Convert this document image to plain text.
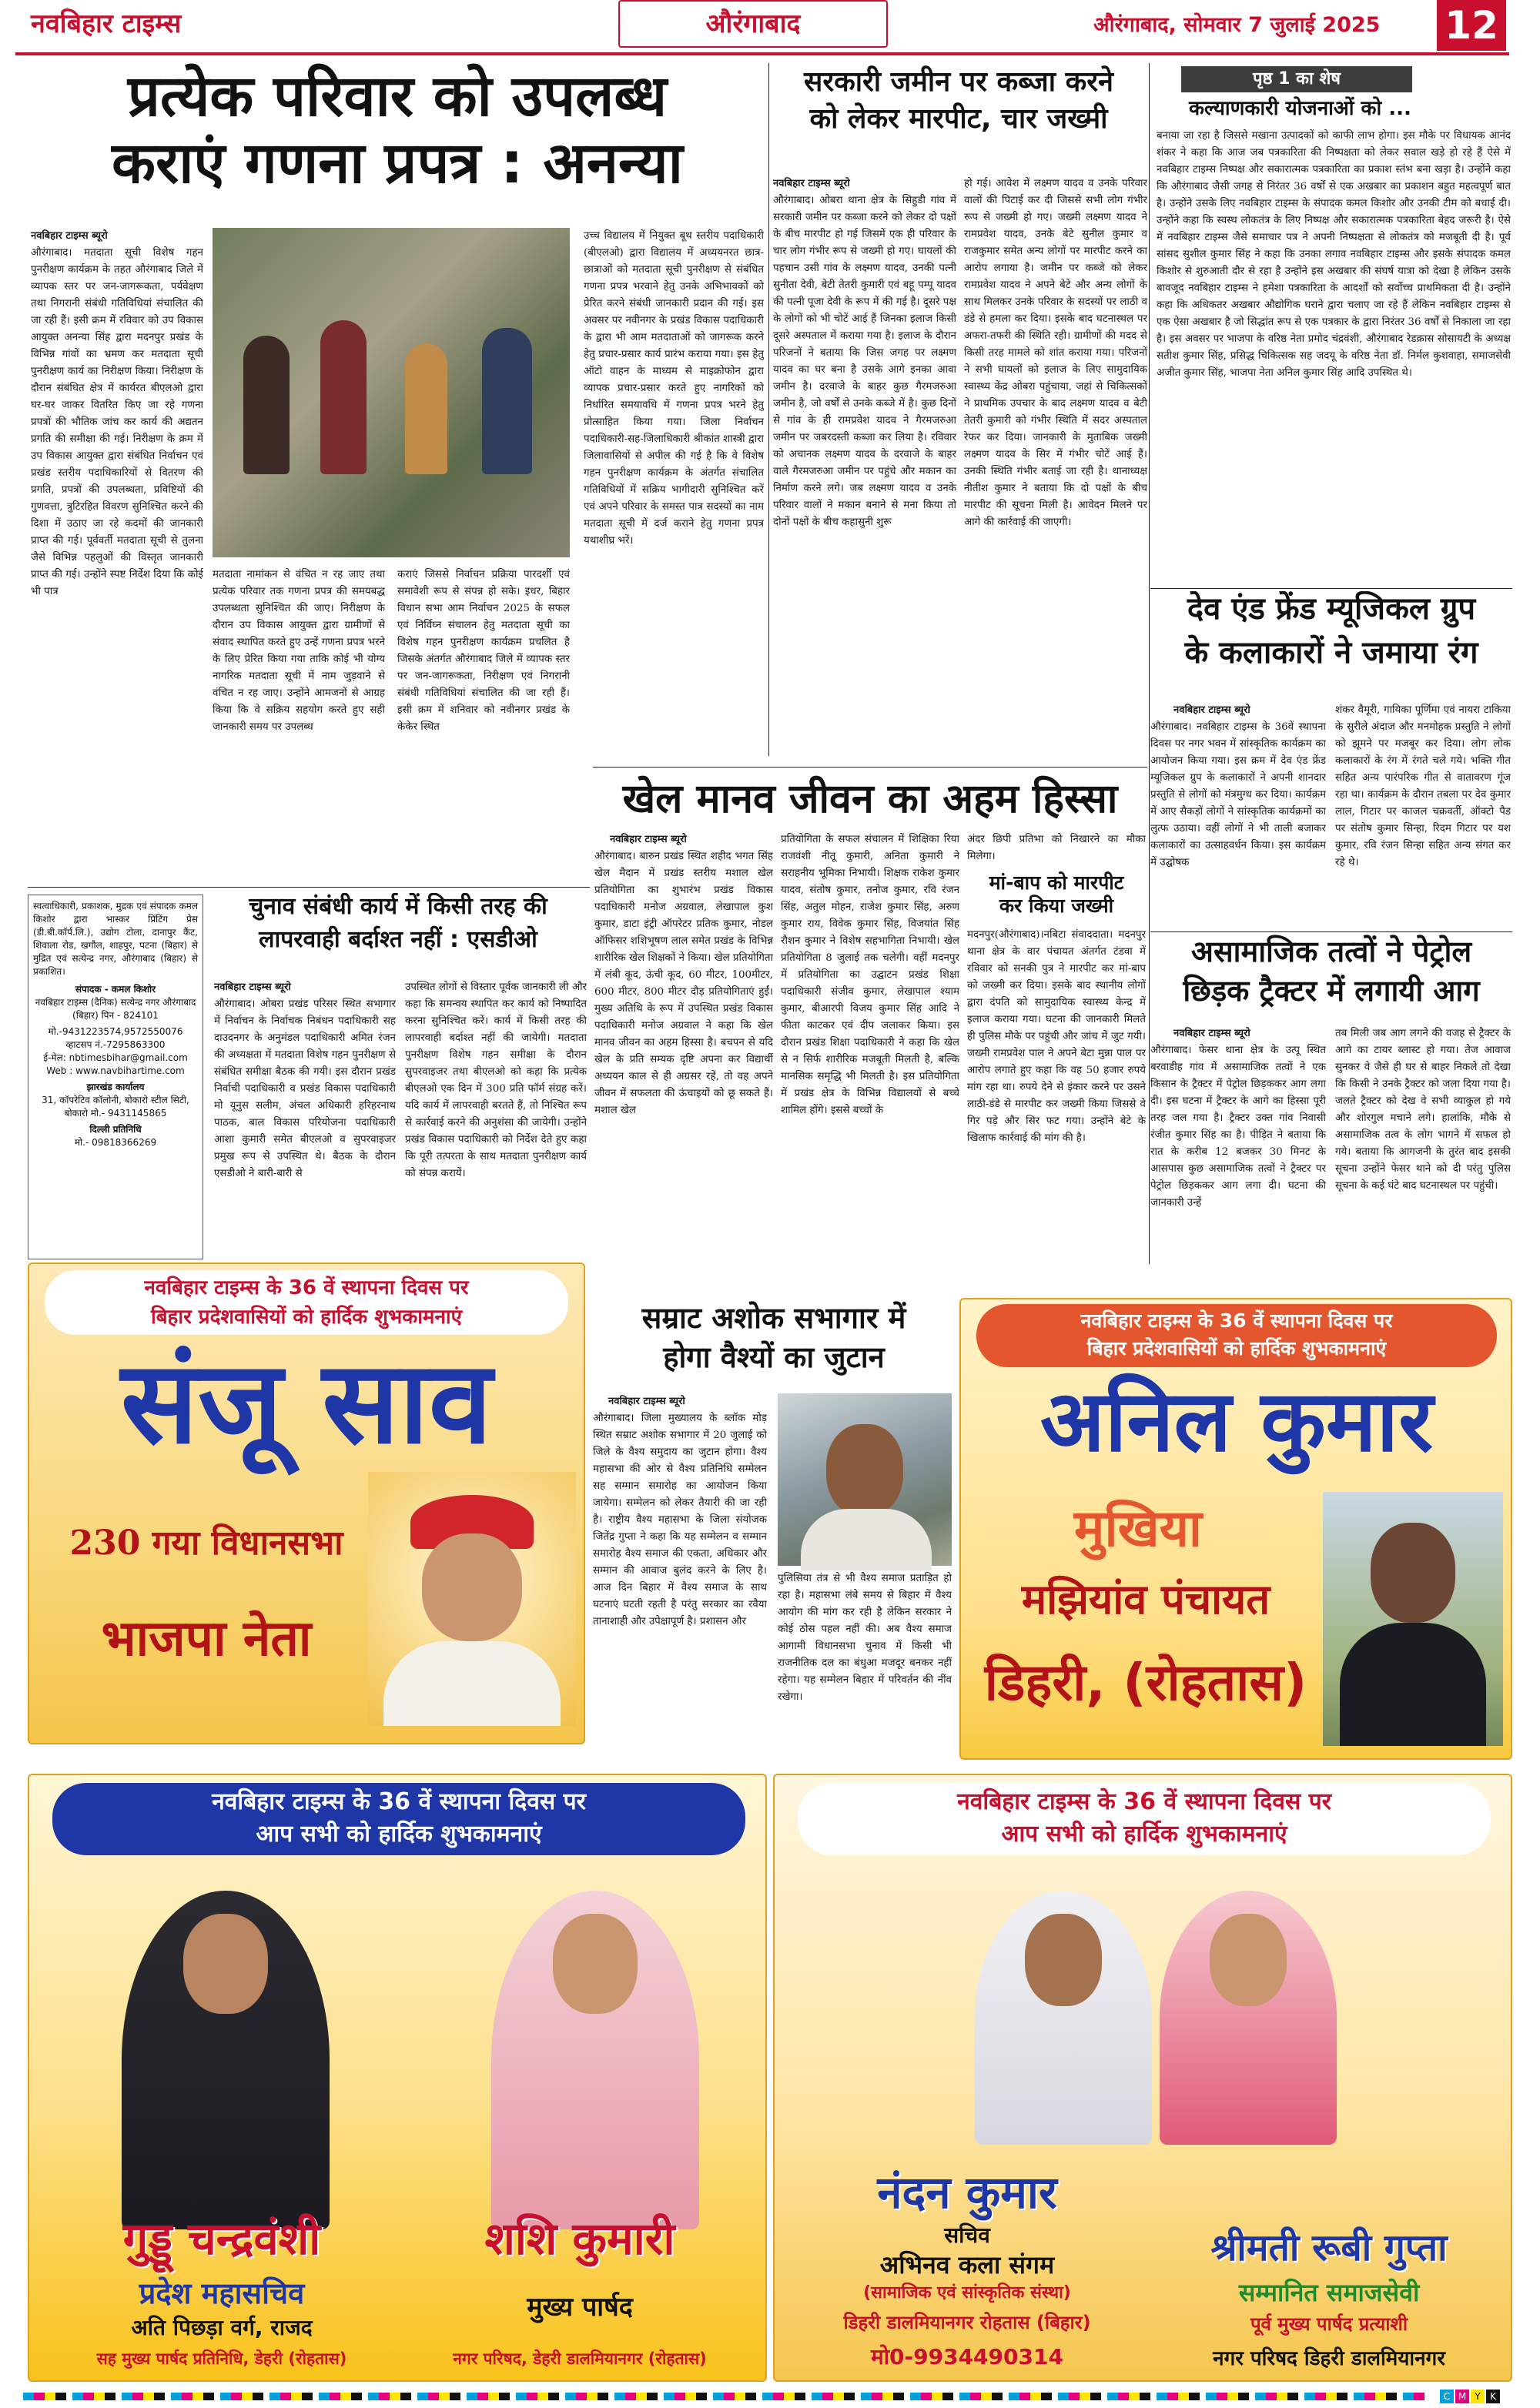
नवबिहार टाइम्स	औरंगाबाद	औरंगाबाद, सोमवार 7 जुलाई 2025 12
प्रत्येक परिवार को उपलब्ध
कराएं गणना प्रपत्र : अनन्या
नवबिहार टाइम्स ब्यूरो
औरंगाबाद। मतदाता सूची विशेष गहन पुनरीक्षण कार्यक्रम के तहत औरंगाबाद जिले में व्यापक स्तर पर जन-जागरूकता, पर्यवेक्षण तथा निगरानी संबंधी गतिविधियां संचालित की जा रही हैं। इसी क्रम में रविवार को उप विकास आयुक्त अनन्या सिंह द्वारा मदनपुर प्रखंड के विभिन्न गांवों का भ्रमण कर मतदाता सूची पुनरीक्षण कार्य का निरीक्षण किया। निरीक्षण के दौरान संबंधित क्षेत्र में कार्यरत बीएलओ द्वारा घर-घर जाकर वितरित किए जा रहे गणना प्रपत्रों की भौतिक जांच कर कार्य की अद्यतन प्रगति की समीक्षा की गई। निरीक्षण के क्रम में उप विकास आयुक्त द्वारा संबंधित निर्वाचन एवं प्रखंड स्तरीय पदाधिकारियों से वितरण की प्रगति, प्रपत्रों की उपलब्धता, प्रविष्टियों की गुणवत्ता, त्रुटिरहित विवरण सुनिश्चित करने की दिशा में उठाए जा रहे कदमों की जानकारी प्राप्त की गई। पूर्ववर्ती मतदाता सूची से तुलना जैसे विभिन्न पहलुओं की विस्तृत जानकारी प्राप्त की गई। उन्होंने स्पष्ट निर्देश दिया कि कोई भी पात्र
मतदाता नामांकन से वंचित न रह जाए तथा प्रत्येक परिवार तक गणना प्रपत्र की समयबद्ध उपलब्धता सुनिश्चित की जाए। निरीक्षण के दौरान उप विकास आयुक्त द्वारा ग्रामीणों से संवाद स्थापित करते हुए उन्हें गणना प्रपत्र भरने के लिए प्रेरित किया गया ताकि कोई भी योग्य नागरिक मतदाता सूची में नाम जुड़वाने से वंचित न रह जाए। उन्होंने आमजनों से आग्रह किया कि वे सक्रिय सहयोग करते हुए सही जानकारी समय पर उपलब्ध
कराएं जिससे निर्वाचन प्रक्रिया पारदर्शी एवं समावेशी रूप से संपन्न हो सके। इधर, बिहार विधान सभा आम निर्वाचन 2025 के सफल एवं निर्विघ्न संचालन हेतु मतदाता सूची का विशेष गहन पुनरीक्षण कार्यक्रम प्रचलित है जिसके अंतर्गत औरंगाबाद जिले में व्यापक स्तर पर जन-जागरूकता, निरीक्षण एवं निगरानी संबंधी गतिविधियां संचालित की जा रही हैं। इसी क्रम में शनिवार को नवीनगर प्रखंड के केकेर स्थित
उच्च विद्यालय में नियुक्त बूथ स्तरीय पदाधिकारी (बीएलओ) द्वारा विद्यालय में अध्ययनरत छात्र-छात्राओं को मतदाता सूची पुनरीक्षण से संबंधित गणना प्रपत्र भरवाने हेतु उनके अभिभावकों को प्रेरित करने संबंधी जानकारी प्रदान की गई। इस अवसर पर नवीनगर के प्रखंड विकास पदाधिकारी के द्वारा भी आम मतदाताओं को जागरूक करने हेतु प्रचार-प्रसार कार्य प्रारंभ कराया गया। इस हेतु ऑटो वाहन के माध्यम से माइक्रोफोन द्वारा व्यापक प्रचार-प्रसार करते हुए नागरिकों को निर्धारित समयावधि में गणना प्रपत्र भरने हेतु प्रोत्साहित किया गया। जिला निर्वाचन पदाधिकारी-सह-जिलाधिकारी श्रीकांत शास्त्री द्वारा जिलावासियों से अपील की गई है कि वे विशेष गहन पुनरीक्षण कार्यक्रम के अंतर्गत संचालित गतिविधियों में सक्रिय भागीदारी सुनिश्चित करें एवं अपने परिवार के समस्त पात्र सदस्यों का नाम मतदाता सूची में दर्ज कराने हेतु गणना प्रपत्र यथाशीघ्र भरें।
सरकारी जमीन पर कब्जा करने
को लेकर मारपीट, चार जख्मी
नवबिहार टाइम्स ब्यूरो
औरंगाबाद। ओबरा थाना क्षेत्र के सिहुडी गांव में सरकारी जमीन पर कब्जा करने को लेकर दो पक्षों के बीच मारपीट हो गई जिसमें एक ही परिवार के चार लोग गंभीर रूप से जख्मी हो गए। घायलों की पहचान उसी गांव के लक्ष्मण यादव, उनकी पत्नी सुनीता देवी, बेटी तेतरी कुमारी एवं बहू पम्पू यादव की पत्नी पूजा देवी के रूप में की गई है। दूसरे पक्ष के लोगों को भी चोटें आई हैं जिनका इलाज किसी दूसरे अस्पताल में कराया गया है। इलाज के दौरान परिजनों ने बताया कि जिस जगह पर लक्ष्मण यादव का घर बना है उसके आगे इनका आवा जमीन है। दरवाजे के बाहर कुछ गैरमजरुआ जमीन है, जो वर्षों से उनके कब्जे में है। कुछ दिनों से गांव के ही रामप्रवेश यादव ने गैरमजरुआ जमीन पर जबरदस्ती कब्जा कर लिया है। रविवार को अचानक लक्ष्मण यादव के दरवाजे के बाहर वाले गैरमजरुआ जमीन पर पहुंचे और मकान का निर्माण करने लगे। जब लक्ष्मण यादव व उनके परिवार वालों ने मकान बनाने से मना किया तो दोनों पक्षों के बीच कहासुनी शुरू
हो गई। आवेश में लक्ष्मण यादव व उनके परिवार वालों की पिटाई कर दी जिससे सभी लोग गंभीर रूप से जख्मी हो गए। जख्मी लक्ष्मण यादव ने रामप्रवेश यादव, उनके बेटे सुनील कुमार व राजकुमार समेत अन्य लोगों पर मारपीट करने का आरोप लगाया है। जमीन पर कब्जे को लेकर रामप्रवेश यादव ने अपने बेटे और अन्य लोगों के साथ मिलकर उनके परिवार के सदस्यों पर लाठी व डंडे से हमला कर दिया। इसके बाद घटनास्थल पर अफरा-तफरी की स्थिति रही। ग्रामीणों की मदद से किसी तरह मामले को शांत कराया गया। परिजनों ने सभी घायलों को इलाज के लिए सामुदायिक स्वास्थ्य केंद्र ओबरा पहुंचाया, जहां से चिकित्सकों ने प्राथमिक उपचार के बाद लक्ष्मण यादव व बेटी तेतरी कुमारी को गंभीर स्थिति में सदर अस्पताल रेफर कर दिया। जानकारी के मुताबिक जख्मी लक्ष्मण यादव के सिर में गंभीर चोटें आई हैं। उनकी स्थिति गंभीर बताई जा रही है। थानाध्यक्ष नीतीश कुमार ने बताया कि दो पक्षों के बीच मारपीट की सूचना मिली है। आवेदन मिलने पर आगे की कार्रवाई की जाएगी।
पृष्ठ 1 का शेष
कल्याणकारी योजनाओं को ...
बनाया जा रहा है जिससे मखाना उत्पादकों को काफी लाभ होगा। इस मौके पर विधायक आनंद शंकर ने कहा कि आज जब पत्रकारिता की निष्पक्षता को लेकर सवाल खड़े हो रहे हैं ऐसे में नवबिहार टाइम्स निष्पक्ष और सकारात्मक पत्रकारिता का प्रकाश स्तंभ बना खड़ा है। उन्होंने कहा कि औरंगाबाद जैसी जगह से निरंतर 36 वर्षों से एक अखबार का प्रकाशन बहुत महत्वपूर्ण बात है। उन्होंने उसके लिए नवबिहार टाइम्स के संपादक कमल किशोर और उनकी टीम को बधाई दी। उन्होंने कहा कि स्वस्थ लोकतंत्र के लिए निष्पक्ष और सकारात्मक पत्रकारिता बेहद जरूरी है। ऐसे में नवबिहार टाइम्स जैसे समाचार पत्र ने अपनी निष्पक्षता से लोकतंत्र को मजबूती दी है। पूर्व सांसद सुशील कुमार सिंह ने कहा कि उनका लगाव नवबिहार टाइम्स और इसके संपादक कमल किशोर से शुरुआती दौर से रहा है उन्होंने इस अखबार की संघर्ष यात्रा को देखा है लेकिन उसके बावजूद नवबिहार टाइम्स ने हमेशा पत्रकारिता के आदर्शों को सर्वोच्च प्राथमिकता दी है। उन्होंने कहा कि अधिकतर अखबार औद्योगिक घराने द्वारा चलाए जा रहे हैं लेकिन नवबिहार टाइम्स से एक ऐसा अखबार है जो सिद्धांत रूप से एक पत्रकार के द्वारा निरंतर 36 वर्षों से निकाला जा रहा है। इस अवसर पर भाजपा के वरिष्ठ नेता प्रमोद चंद्रवंशी, औरंगाबाद रेडक्रास सोसायटी के अध्यक्ष सतीश कुमार सिंह, प्रसिद्ध चिकित्सक सह जदयू के वरिष्ठ नेता डॉ. निर्मल कुशवाहा, समाजसेवी अजीत कुमार सिंह, भाजपा नेता अनिल कुमार सिंह आदि उपस्थित थे।
देव एंड फ्रेंड म्यूजिकल ग्रुप
के कलाकारों ने जमाया रंग
नवबिहार टाइम्स ब्यूरो
औरंगाबाद। नवबिहार टाइम्स के 36वें स्थापना दिवस पर नगर भवन में सांस्कृतिक कार्यक्रम का आयोजन किया गया। इस क्रम में देव एंड फ्रेंड म्यूजिकल ग्रुप के कलाकारों ने अपनी शानदार प्रस्तुति से लोगों को मंत्रमुग्ध कर दिया। कार्यक्रम में आए सैकड़ों लोगों ने सांस्कृतिक कार्यक्रमों का लुत्फ उठाया। वहीं लोगों ने भी ताली बजाकर कलाकारों का उत्साहवर्धन किया। इस कार्यक्रम में उद्घोषक
शंकर वैमूरी, गायिका पूर्णिमा एवं नायरा टाकिया के सुरीले अंदाज और मनमोहक प्रस्तुति ने लोगों को झूमने पर मजबूर कर दिया। लोग लोक कलाकारों के रंग में रंगते चले गये। भक्ति गीत सहित अन्य पारंपरिक गीत से वातावरण गूंज रहा था। कार्यक्रम के दौरान तबला पर देव कुमार लाल, गिटार पर काजल चक्रवर्ती, ऑक्टो पैड पर संतोष कुमार सिन्हा, रिदम गिटार पर यश कुमार, रवि रंजन सिन्हा सहित अन्य संगत कर रहे थे।
असामाजिक तत्वों ने पेट्रोल
छिड़क ट्रैक्टर में लगायी आग
नवबिहार टाइम्स ब्यूरो
औरंगाबाद। फेसर थाना क्षेत्र के उत्पू स्थित बरवाडीह गांव में असामाजिक तत्वों ने एक किसान के ट्रैक्टर में पेट्रोल छिड़ककर आग लगा दी। इस घटना में ट्रैक्टर के आगे का हिस्सा पूरी तरह जल गया है। ट्रैक्टर उक्त गांव निवासी रंजीत कुमार सिंह का है। पीड़ित ने बताया कि रात के करीब 12 बजकर 30 मिनट के आसपास कुछ असामाजिक तत्वों ने ट्रैक्टर पर पेट्रोल छिड़ककर आग लगा दी। घटना की जानकारी उन्हें
तब मिली जब आग लगने की वजह से ट्रैक्टर के आगे का टायर ब्लास्ट हो गया। तेज आवाज सुनकर वे जैसे ही घर से बाहर निकले तो देखा कि किसी ने उनके ट्रैक्टर को जला दिया गया है। जलते ट्रैक्टर को देख वे सभी व्याकुल हो गये और शोरगुल मचाने लगे। हालांकि, मौके से असामाजिक तत्व के लोग भागने में सफल हो गये। बताया कि आगजनी के तुरंत बाद इसकी सूचना उन्होंने फेसर थाने को दी परंतु पुलिस सूचना के कई घंटे बाद घटनास्थल पर पहुंची।
स्वत्वाधिकारी, प्रकाशक, मुद्रक एवं संपादक कमल किशोर द्वारा भास्कर प्रिंटिंग प्रेस (डी.बी.कॉर्प.लि.), उद्योग टोला, दानापुर कैंट, शिवाला रोड, खगौल, शाहपुर, पटना (बिहार) से मुद्रित एवं सत्येन्द्र नगर, औरंगाबाद (बिहार) से प्रकाशित।
संपादक - कमल किशोर
नवबिहार टाइम्स (दैनिक) सत्येन्द्र नगर औरंगाबाद (बिहार) पिन - 824101
मो.-9431223574,9572550076
व्हाटसप नं.-7295863300
ई-मेल: nbtimesbihar@gmail.com
Web : www.navbihartime.com
झारखंड कार्यालय
31, कॉपरेटिव कॉलोनी, बोकारो स्टील सिटी, बोकारो मो.- 9431145865
दिल्ली प्रतिनिधि
मो.- 09818366269
चुनाव संबंधी कार्य में किसी तरह की
लापरवाही बर्दाश्त नहीं : एसडीओ
नवबिहार टाइम्स ब्यूरो
औरंगाबाद। ओबरा प्रखंड परिसर स्थित सभागार में निर्वाचन के निर्वाचक निबंधन पदाधिकारी सह दाउदनगर के अनुमंडल पदाधिकारी अमित रंजन की अध्यक्षता में मतदाता विशेष गहन पुनरीक्षण से संबंधित समीक्षा बैठक की गयी। इस दौरान प्रखंड निर्वाची पदाधिकारी व प्रखंड विकास पदाधिकारी मो यूनुस सलीम, अंचल अधिकारी हरिहरनाथ पाठक, बाल विकास परियोजना पदाधिकारी आशा कुमारी समेत बीएलओ व सुपरवाइजर प्रमुख रूप से उपस्थित थे। बैठक के दौरान एसडीओ ने बारी-बारी से
उपस्थित लोगों से विस्तार पूर्वक जानकारी ली और कहा कि समन्वय स्थापित कर कार्य को निष्पादित करना सुनिश्चित करें। कार्य में किसी तरह की लापरवाही बर्दाश्त नहीं की जायेगी। मतदाता पुनरीक्षण विशेष गहन समीक्षा के दौरान सुपरवाइजर तथा बीएलओ को कहा कि प्रत्येक बीएलओ एक दिन में 300 प्रति फॉर्म संग्रह करें। यदि कार्य में लापरवाही बरतते हैं, तो निश्चित रूप से कार्रवाई करने की अनुशंसा की जायेगी। उन्होंने प्रखंड विकास पदाधिकारी को निर्देश देते हुए कहा कि पूरी तत्परता के साथ मतदाता पुनरीक्षण कार्य को संपन्न करायें।
खेल मानव जीवन का अहम हिस्सा
नवबिहार टाइम्स ब्यूरो
औरंगाबाद। बारुन प्रखंड स्थित शहीद भगत सिंह खेल मैदान में प्रखंड स्तरीय मशाल खेल प्रतियोगिता का शुभारंभ प्रखंड विकास पदाधिकारी मनोज अग्रवाल, लेखापाल कुश कुमार, डाटा इंट्री ऑपरेटर प्रतिक कुमार, नोडल ऑफिसर शशिभूषण लाल समेत प्रखंड के विभिन्न शारीरिक खेल शिक्षकों ने किया। खेल प्रतियोगिता में लंबी कूद, ऊंची कूद, 60 मीटर, 100मीटर, 600 मीटर, 800 मीटर दौड़ प्रतियोगिताएं हुईं। मुख्य अतिथि के रूप में उपस्थित प्रखंड विकास पदाधिकारी मनोज अग्रवाल ने कहा कि खेल मानव जीवन का अहम हिस्सा है। बचपन से यदि खेल के प्रति सम्यक दृष्टि अपना कर विद्यार्थी अध्ययन काल से ही अग्रसर रहें, तो वह अपने जीवन में सफलता की ऊंचाइयों को छू सकते हैं। मशाल खेल
प्रतियोगिता के सफल संचालन में शिक्षिका रिया राजवंशी नीतू कुमारी, अनिता कुमारी ने सराहनीय भूमिका निभायी। शिक्षक राकेश कुमार यादव, संतोष कुमार, तनोज कुमार, रवि रंजन सिंह, अतुल मोहन, राजेश कुमार सिंह, अरुण कुमार राय, विवेक कुमार सिंह, विजयांत सिंह रौशन कुमार ने विशेष सहभागिता निभायी। खेल प्रतियोगिता 8 जुलाई तक चलेगी। वहीं मदनपुर में प्रतियोगिता का उद्घाटन प्रखंड शिक्षा पदाधिकारी संजीव कुमार, लेखापाल श्याम कुमार, बीआरपी विजय कुमार सिंह आदि ने फीता काटकर एवं दीप जलाकर किया। इस दौरान प्रखंड शिक्षा पदाधिकारी ने कहा कि खेल से न सिर्फ शारीरिक मजबूती मिलती है, बल्कि मानसिक समृद्धि भी मिलती है। इस प्रतियोगिता में प्रखंड क्षेत्र के विभिन्न विद्यालयों से बच्चे शामिल होंगे। इससे बच्चों के
अंदर छिपी प्रतिभा को निखारने का मौका मिलेगा।
मां-बाप को मारपीट
कर किया जख्मी
मदनपुर(औरंगाबाद)।नबिटा संवाददाता। मदनपुर थाना क्षेत्र के वार पंचायत अंतर्गत टंडवा में रविवार को सनकी पुत्र ने मारपीट कर मां-बाप को जख्मी कर दिया। इसके बाद स्थानीय लोगों द्वारा दंपति को सामुदायिक स्वास्थ्य केन्द्र में इलाज कराया गया। घटना की जानकारी मिलते ही पुलिस मौके पर पहुंची और जांच में जुट गयी। जख्मी रामप्रवेश पाल ने अपने बेटा मुन्ना पाल पर आरोप लगाते हुए कहा कि वह 50 हजार रुपये मांग रहा था। रुपये देने से इंकार करने पर उसने लाठी-डंडे से मारपीट कर जख्मी किया जिससे वे गिर पड़े और सिर फट गया। उन्होंने बेटे के खिलाफ कार्रवाई की मांग की है।
नवबिहार टाइम्स के 36 वें स्थापना दिवस पर
बिहार प्रदेशवासियों को हार्दिक शुभकामनाएं
संजू साव
230 गया विधानसभा
भाजपा नेता
सम्राट अशोक सभागार में
होगा वैश्यों का जुटान
नवबिहार टाइम्स ब्यूरो
औरंगाबाद। जिला मुख्यालय के ब्लॉक मोड़ स्थित सम्राट अशोक सभागार में 20 जुलाई को जिले के वैश्य समुदाय का जुटान होगा। वैश्य महासभा की ओर से वैश्य प्रतिनिधि सम्मेलन सह सम्मान समारोह का आयोजन किया जायेगा। सम्मेलन को लेकर तैयारी की जा रही है। राष्ट्रीय वैश्य महासभा के जिला संयोजक जितेंद्र गुप्ता ने कहा कि यह सम्मेलन व सम्मान समारोह वैश्य समाज की एकता, अधिकार और सम्मान की आवाज बुलंद करने के लिए है। आज दिन बिहार में वैश्य समाज के साथ घटनाएं घटती रहती है परंतु सरकार का रवैया तानाशाही और उपेक्षापूर्ण है। प्रशासन और
पुलिसिया तंत्र से भी वैश्य समाज प्रताड़ित हो रहा है। महासभा लंबे समय से बिहार में वैश्य आयोग की मांग कर रही है लेकिन सरकार ने कोई ठोस पहल नहीं की। अब वैश्य समाज आगामी विधानसभा चुनाव में किसी भी राजनीतिक दल का बंधुआ मजदूर बनकर नहीं रहेगा। यह सम्मेलन बिहार में परिवर्तन की नींव रखेगा।
नवबिहार टाइम्स के 36 वें स्थापना दिवस पर
बिहार प्रदेशवासियों को हार्दिक शुभकामनाएं
अनिल कुमार
मुखिया
मझियांव पंचायत
डिहरी, (रोहतास)
नवबिहार टाइम्स के 36 वें स्थापना दिवस पर
आप सभी को हार्दिक शुभकामनाएं
गुड्डू चन्द्रवंशी
प्रदेश महासचिव
अति पिछड़ा वर्ग, राजद
सह मुख्य पार्षद प्रतिनिधि, डेहरी (रोहतास)
शशि कुमारी
मुख्य पार्षद
नगर परिषद, डेहरी डालमियानगर (रोहतास)
नवबिहार टाइम्स के 36 वें स्थापना दिवस पर
आप सभी को हार्दिक शुभकामनाएं
नंदन कुमार
सचिव
अभिनव कला संगम
(सामाजिक एवं सांस्कृतिक संस्था)
डिहरी डालमियानगर रोहतास (बिहार)
मो0-9934490314
श्रीमती रूबी गुप्ता
सम्मानित समाजसेवी
पूर्व मुख्य पार्षद प्रत्याशी
नगर परिषद डिहरी डालमियानगर
C M Y	K
